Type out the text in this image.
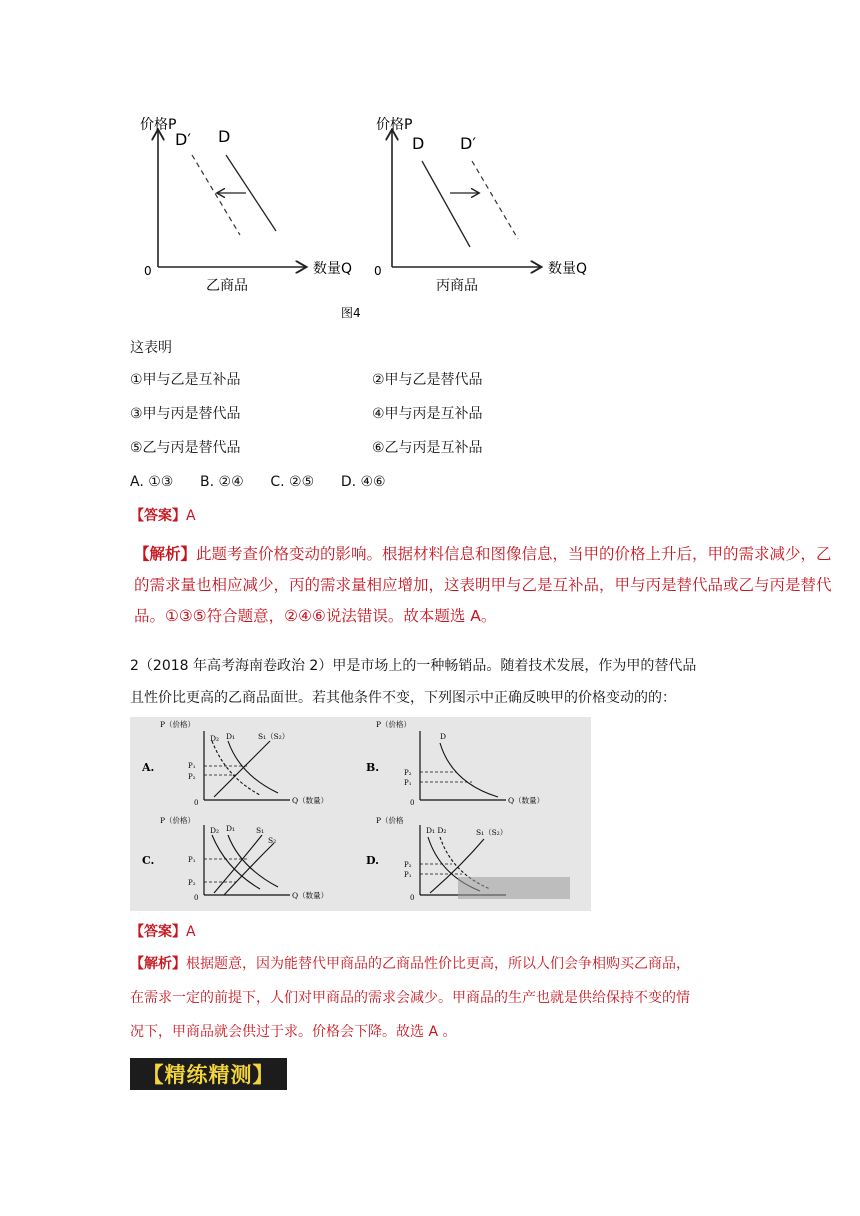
价格P
数量Q
0
D′ D
乙商品
价格P
数量Q
0
D D′
丙商品
图4
这表明
①甲与乙是互补品	②甲与乙是替代品
③甲与丙是替代品	④甲与丙是互补品
⑤乙与丙是替代品	⑥乙与丙是互补品
A. ①③      B. ②④      C. ②⑤      D. ④⑥
【答案】A
【解析】此题考查价格变动的影响。根据材料信息和图像信息，当甲的价格上升后，甲的需求减少，乙的需求量也相应减少，丙的需求量相应增加，这表明甲与乙是互补品，甲与丙是替代品或乙与丙是替代品。①③⑤符合题意，②④⑥说法错误。故本题选 A。
2（2018 年高考海南卷政治 2）甲是市场上的一种畅销品。随着技术发展，作为甲的替代品
且性价比更高的乙商品面世。若其他条件不变，下列图示中正确反映甲的价格变动的的：
A.
P（价格）
Q（数量）
0
D₂ D₁	S₁（S₂）
P₁
P₂
B.
P（价格）
Q（数量）
0
D
P₂
P₁
C.
P（价格）
Q（数量）
0
D₂ D₁	S₁
S₂
P₁
P₂
D.
P（价格
0
D₁ D₂	S₁（S₂）
P₂
P₁
【答案】A
【解析】根据题意，因为能替代甲商品的乙商品性价比更高，所以人们会争相购买乙商品，
在需求一定的前提下，人们对甲商品的需求会减少。甲商品的生产也就是供给保持不变的情
况下，甲商品就会供过于求。价格会下降。故选 A 。
【精练精测】
